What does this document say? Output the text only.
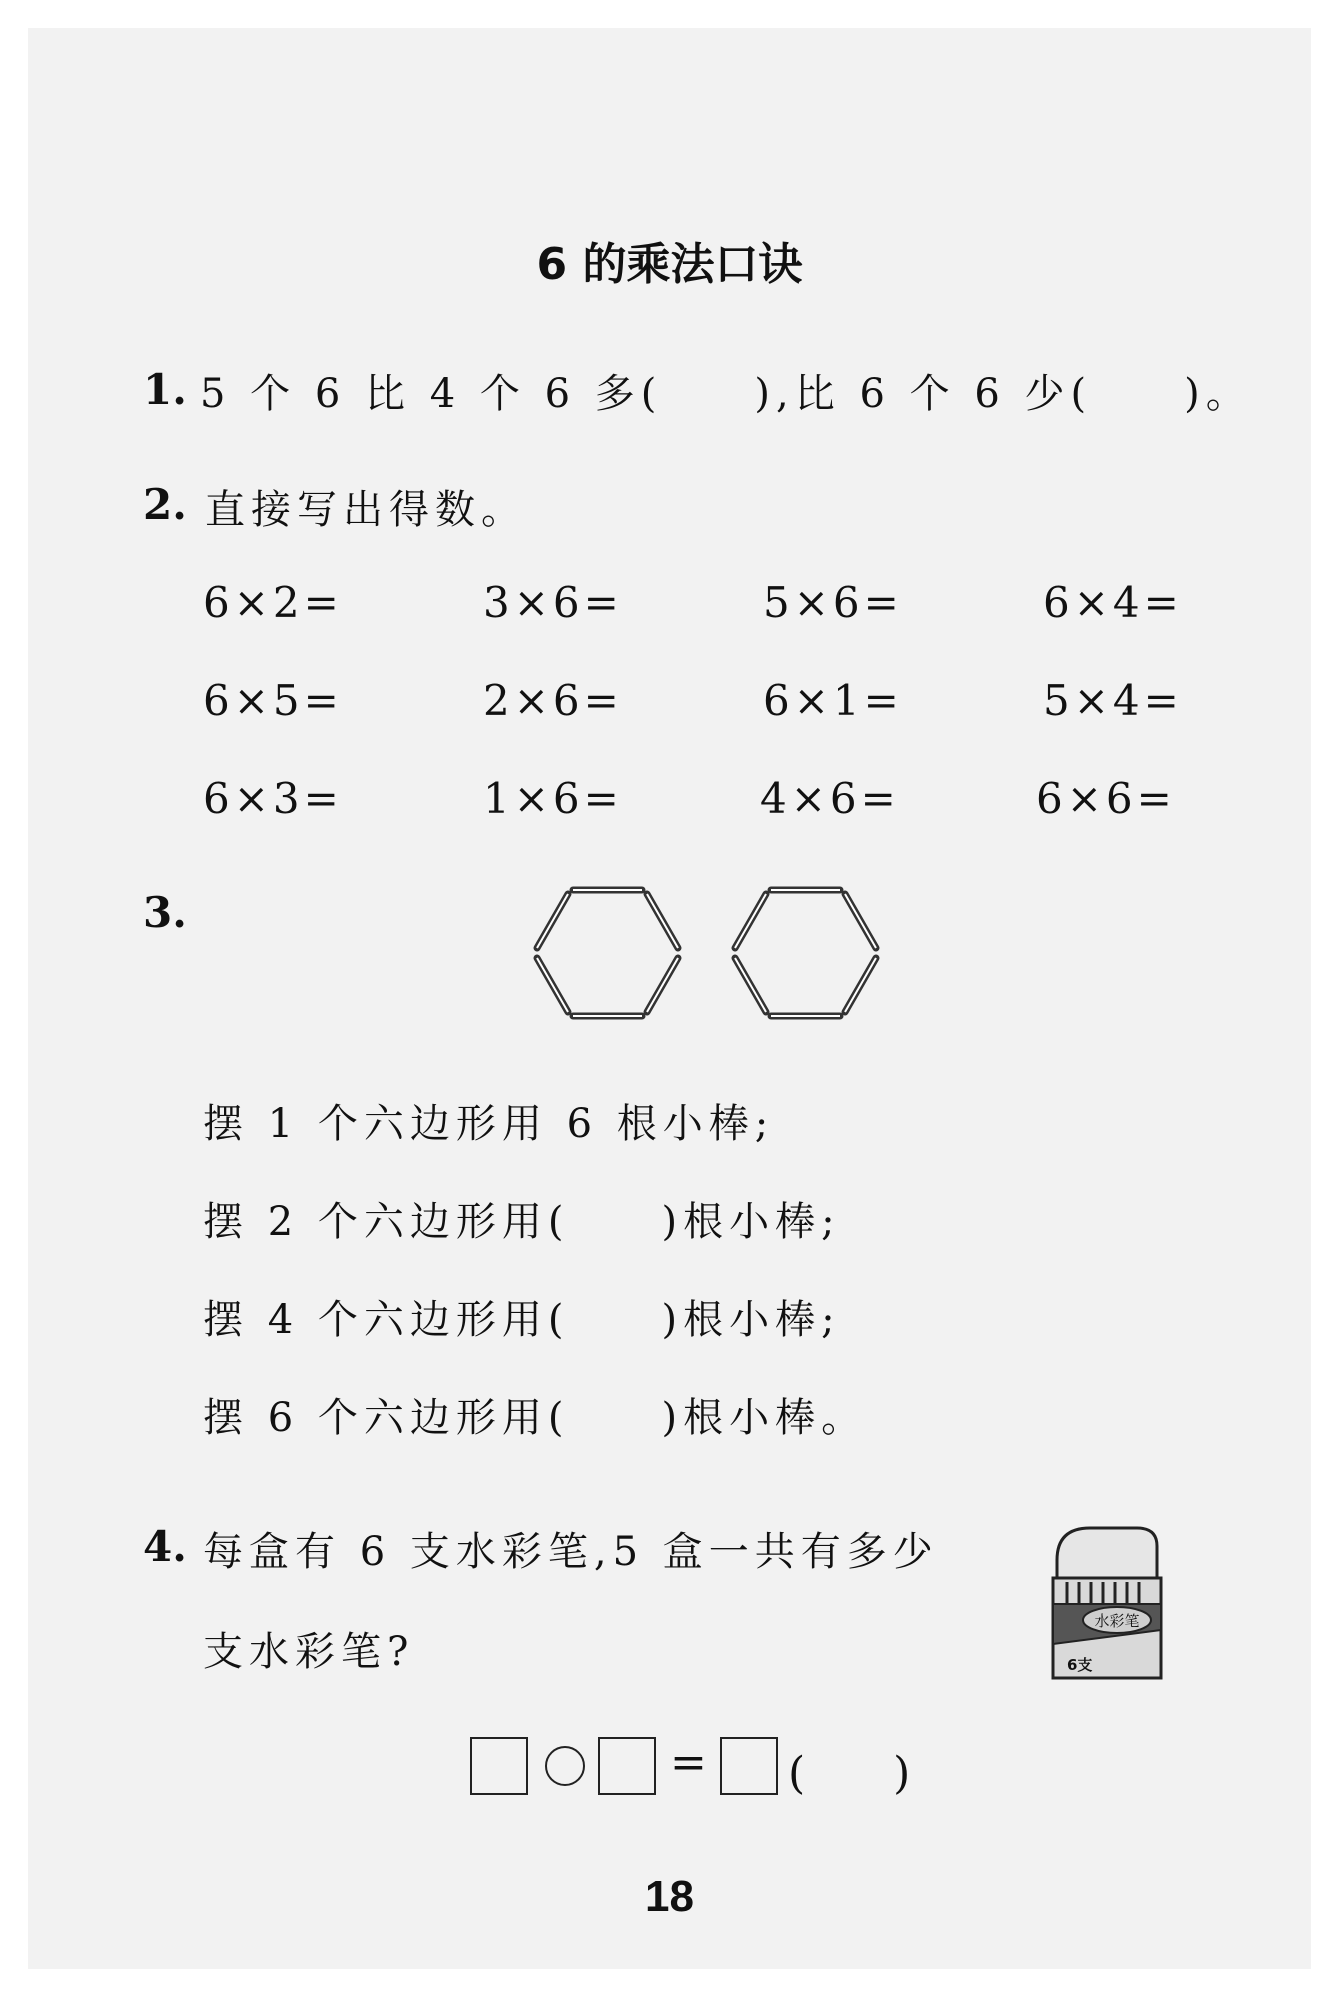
6 的乘法口诀
1. 5 个 6 比 4 个 6 多(　　),比 6 个 6 少(　　)。
2. 直接写出得数。
6×2=	3×6=	5×6=	6×4=
6×5=	2×6=	6×1=	5×4=
6×3=	1×6=	4×6=	6×6=
3.
摆 1 个六边形用 6 根小棒;
摆 2 个六边形用(　　)根小棒;
摆 4 个六边形用(　　)根小棒;
摆 6 个六边形用(　　)根小棒。
4. 每盒有 6 支水彩笔,5 盒一共有多少
支水彩笔?
水彩笔
6支
= (　　)
18
